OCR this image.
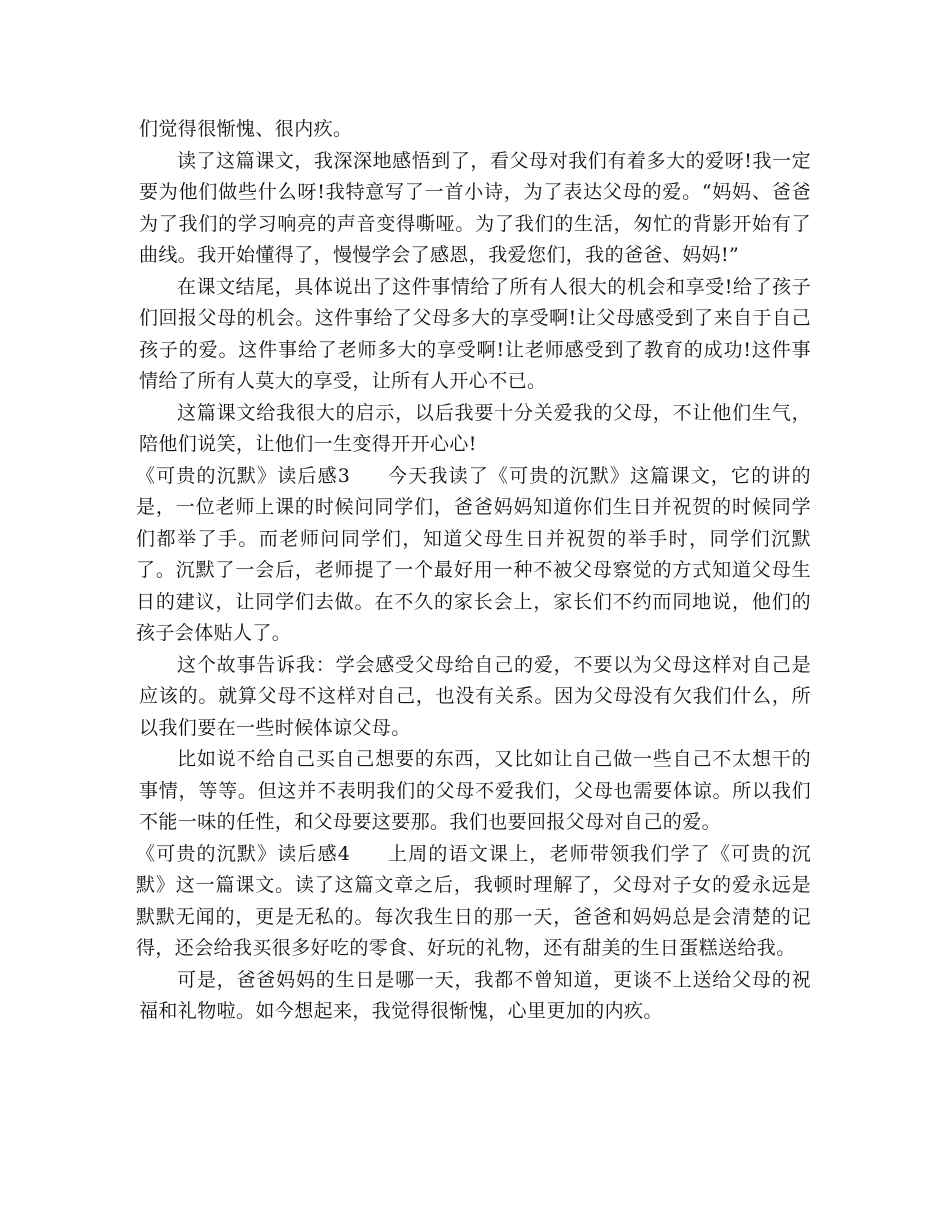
们觉得很惭愧、很内疚。

读了这篇课文，我深深地感悟到了，看父母对我们有着多大的爱呀!我一定要为他们做些什么呀!我特意写了一首小诗，为了表达父母的爱。“妈妈、爸爸为了我们的学习响亮的声音变得嘶哑。为了我们的生活，匆忙的背影开始有了曲线。我开始懂得了，慢慢学会了感恩，我爱您们，我的爸爸、妈妈!”

在课文结尾，具体说出了这件事情给了所有人很大的机会和享受!给了孩子们回报父母的机会。这件事给了父母多大的享受啊!让父母感受到了来自于自己孩子的爱。这件事给了老师多大的享受啊!让老师感受到了教育的成功!这件事情给了所有人莫大的享受，让所有人开心不已。

这篇课文给我很大的启示，以后我要十分关爱我的父母，不让他们生气，陪他们说笑，让他们一生变得开开心心!

《可贵的沉默》读后感3 今天我读了《可贵的沉默》这篇课文，它的讲的是，一位老师上课的时候问同学们，爸爸妈妈知道你们生日并祝贺的时候同学们都举了手。而老师问同学们，知道父母生日并祝贺的举手时，同学们沉默了。沉默了一会后，老师提了一个最好用一种不被父母察觉的方式知道父母生日的建议，让同学们去做。在不久的家长会上，家长们不约而同地说，他们的孩子会体贴人了。

这个故事告诉我：学会感受父母给自己的爱，不要以为父母这样对自己是应该的。就算父母不这样对自己，也没有关系。因为父母没有欠我们什么，所以我们要在一些时候体谅父母。

比如说不给自己买自己想要的东西，又比如让自己做一些自己不太想干的事情，等等。但这并不表明我们的父母不爱我们，父母也需要体谅。所以我们不能一味的任性，和父母要这要那。我们也要回报父母对自己的爱。

《可贵的沉默》读后感4 上周的语文课上，老师带领我们学了《可贵的沉默》这一篇课文。读了这篇文章之后，我顿时理解了，父母对子女的爱永远是默默无闻的，更是无私的。每次我生日的那一天，爸爸和妈妈总是会清楚的记得，还会给我买很多好吃的零食、好玩的礼物，还有甜美的生日蛋糕送给我。

可是，爸爸妈妈的生日是哪一天，我都不曾知道，更谈不上送给父母的祝福和礼物啦。如今想起来，我觉得很惭愧，心里更加的内疚。
